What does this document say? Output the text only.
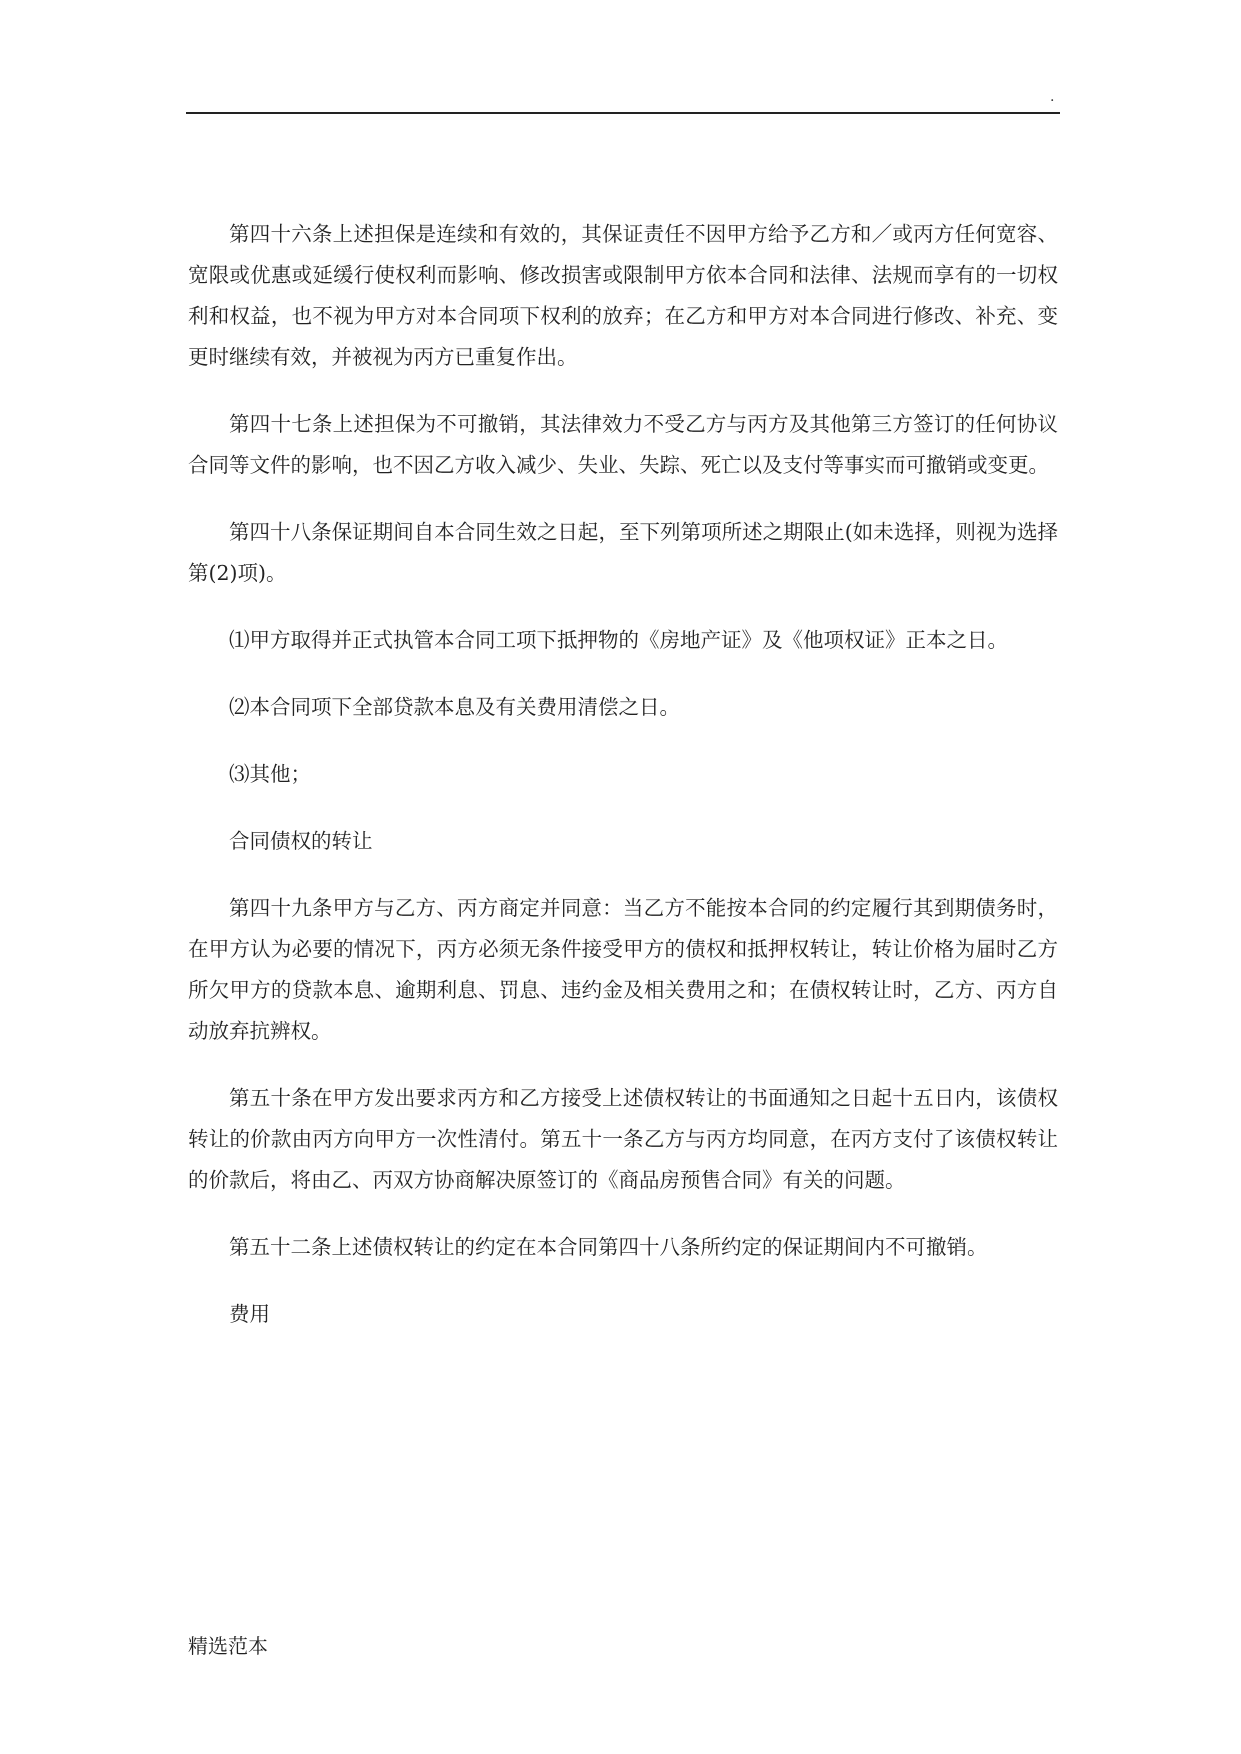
.

第四十六条上述担保是连续和有效的，其保证责任不因甲方给予乙方和／或丙方任何宽容、宽限或优惠或延缓行使权利而影响、修改损害或限制甲方依本合同和法律、法规而享有的一切权利和权益，也不视为甲方对本合同项下权利的放弃；在乙方和甲方对本合同进行修改、补充、变更时继续有效，并被视为丙方已重复作出。

第四十七条上述担保为不可撤销，其法律效力不受乙方与丙方及其他第三方签订的任何协议合同等文件的影响，也不因乙方收入减少、失业、失踪、死亡以及支付等事实而可撤销或变更。

第四十八条保证期间自本合同生效之日起，至下列第项所述之期限止(如未选择，则视为选择第(2)项)。

⑴甲方取得并正式执管本合同工项下抵押物的《房地产证》及《他项权证》正本之日。

⑵本合同项下全部贷款本息及有关费用清偿之日。

⑶其他；

合同债权的转让

第四十九条甲方与乙方、丙方商定并同意：当乙方不能按本合同的约定履行其到期债务时，在甲方认为必要的情况下，丙方必须无条件接受甲方的债权和抵押权转让，转让价格为届时乙方所欠甲方的贷款本息、逾期利息、罚息、违约金及相关费用之和；在债权转让时，乙方、丙方自动放弃抗辨权。

第五十条在甲方发出要求丙方和乙方接受上述债权转让的书面通知之日起十五日内，该债权转让的价款由丙方向甲方一次性清付。第五十一条乙方与丙方均同意，在丙方支付了该债权转让的价款后，将由乙、丙双方协商解决原签订的《商品房预售合同》有关的问题。

第五十二条上述债权转让的约定在本合同第四十八条所约定的保证期间内不可撤销。

费用

精选范本
